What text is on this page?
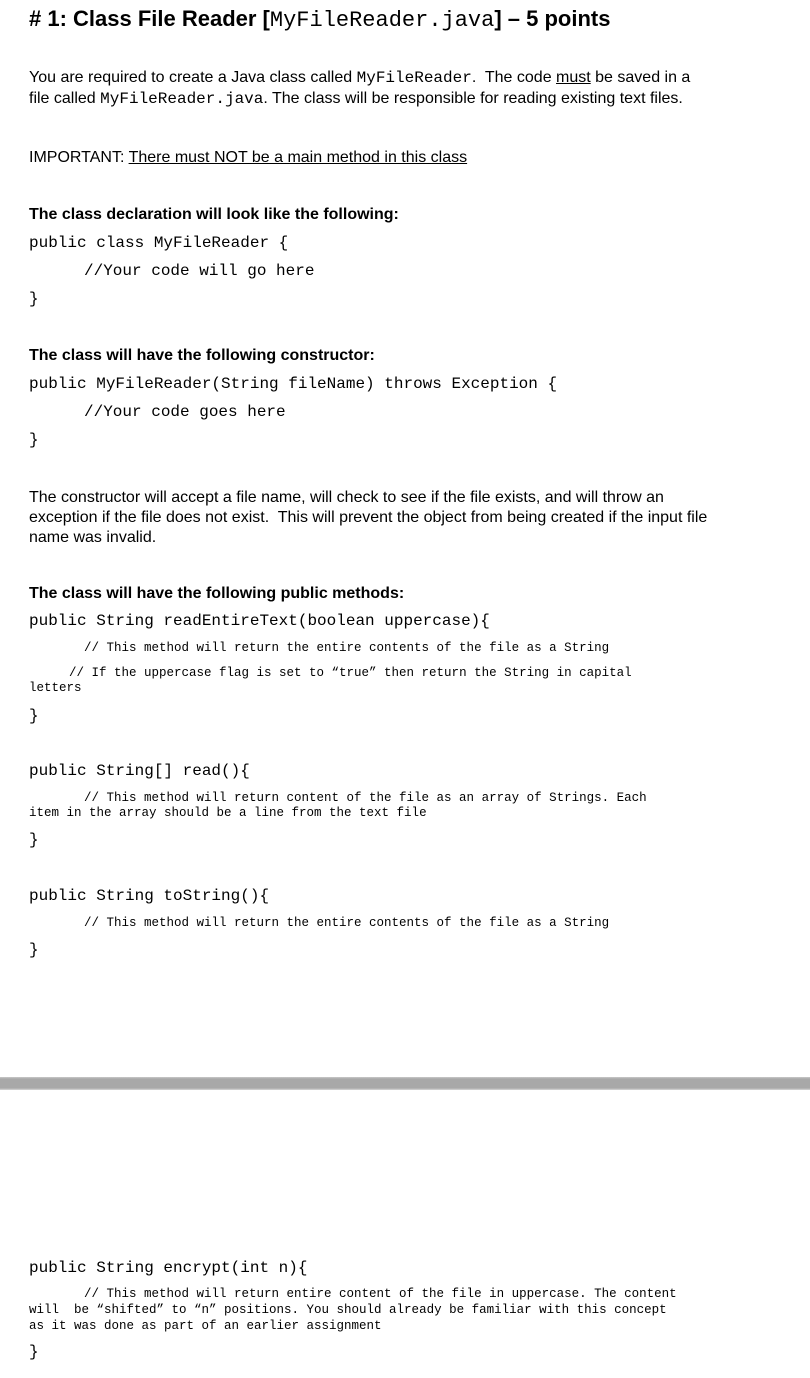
# 1: Class File Reader [MyFileReader.java] – 5 points
You are required to create a Java class called MyFileReader.  The code must be saved in a
file called MyFileReader.java. The class will be responsible for reading existing text files.
IMPORTANT: There must NOT be a main method in this class
The class declaration will look like the following:
public class MyFileReader {
//Your code will go here
}
The class will have the following constructor:
public MyFileReader(String fileName) throws Exception {
//Your code goes here
}
The constructor will accept a file name, will check to see if the file exists, and will throw an
exception if the file does not exist.  This will prevent the object from being created if the input file
name was invalid.
The class will have the following public methods:
public String readEntireText(boolean uppercase){
// This method will return the entire contents of the file as a String
// If the uppercase flag is set to “true” then return the String in capital
letters
}
public String[] read(){
// This method will return content of the file as an array of Strings. Each
item in the array should be a line from the text file
}
public String toString(){
// This method will return the entire contents of the file as a String
}
public String encrypt(int n){
// This method will return entire content of the file in uppercase. The content
will  be “shifted” to “n” positions. You should already be familiar with this concept
as it was done as part of an earlier assignment
}
